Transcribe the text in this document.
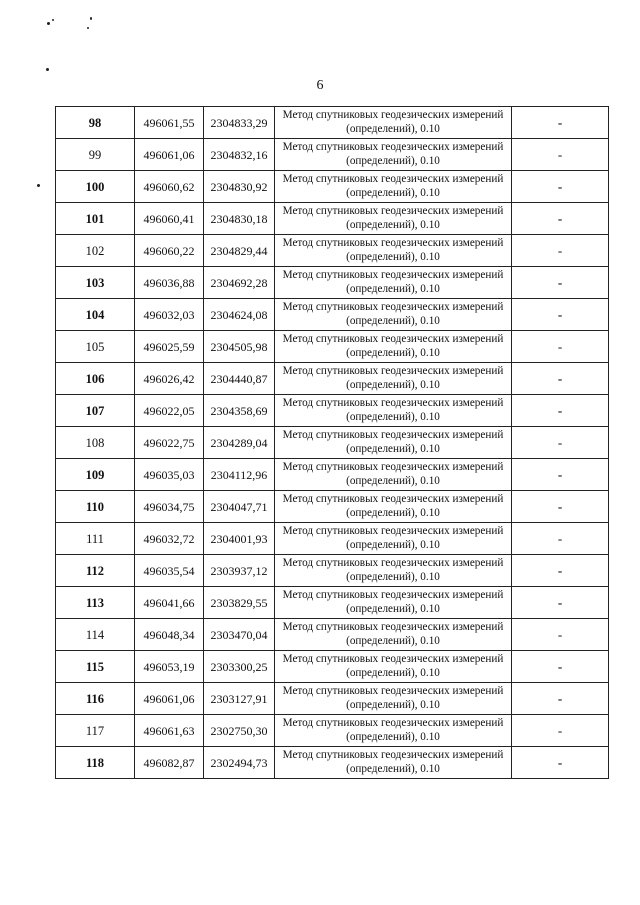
6
98	496061,55	2304833,29	Метод спутниковых геодезических измерений
(определений), 0.10	-
99	496061,06	2304832,16	Метод спутниковых геодезических измерений
(определений), 0.10	-
100	496060,62	2304830,92	Метод спутниковых геодезических измерений
(определений), 0.10	-
101	496060,41	2304830,18	Метод спутниковых геодезических измерений
(определений), 0.10	-
102	496060,22	2304829,44	Метод спутниковых геодезических измерений
(определений), 0.10	-
103	496036,88	2304692,28	Метод спутниковых геодезических измерений
(определений), 0.10	-
104	496032,03	2304624,08	Метод спутниковых геодезических измерений
(определений), 0.10	-
105	496025,59	2304505,98	Метод спутниковых геодезических измерений
(определений), 0.10	-
106	496026,42	2304440,87	Метод спутниковых геодезических измерений
(определений), 0.10	-
107	496022,05	2304358,69	Метод спутниковых геодезических измерений
(определений), 0.10	-
108	496022,75	2304289,04	Метод спутниковых геодезических измерений
(определений), 0.10	-
109	496035,03	2304112,96	Метод спутниковых геодезических измерений
(определений), 0.10	-
110	496034,75	2304047,71	Метод спутниковых геодезических измерений
(определений), 0.10	-
111	496032,72	2304001,93	Метод спутниковых геодезических измерений
(определений), 0.10	-
112	496035,54	2303937,12	Метод спутниковых геодезических измерений
(определений), 0.10	-
113	496041,66	2303829,55	Метод спутниковых геодезических измерений
(определений), 0.10	-
114	496048,34	2303470,04	Метод спутниковых геодезических измерений
(определений), 0.10	-
115	496053,19	2303300,25	Метод спутниковых геодезических измерений
(определений), 0.10	-
116	496061,06	2303127,91	Метод спутниковых геодезических измерений
(определений), 0.10	-
117	496061,63	2302750,30	Метод спутниковых геодезических измерений
(определений), 0.10	-
118	496082,87	2302494,73	Метод спутниковых геодезических измерений
(определений), 0.10	-
